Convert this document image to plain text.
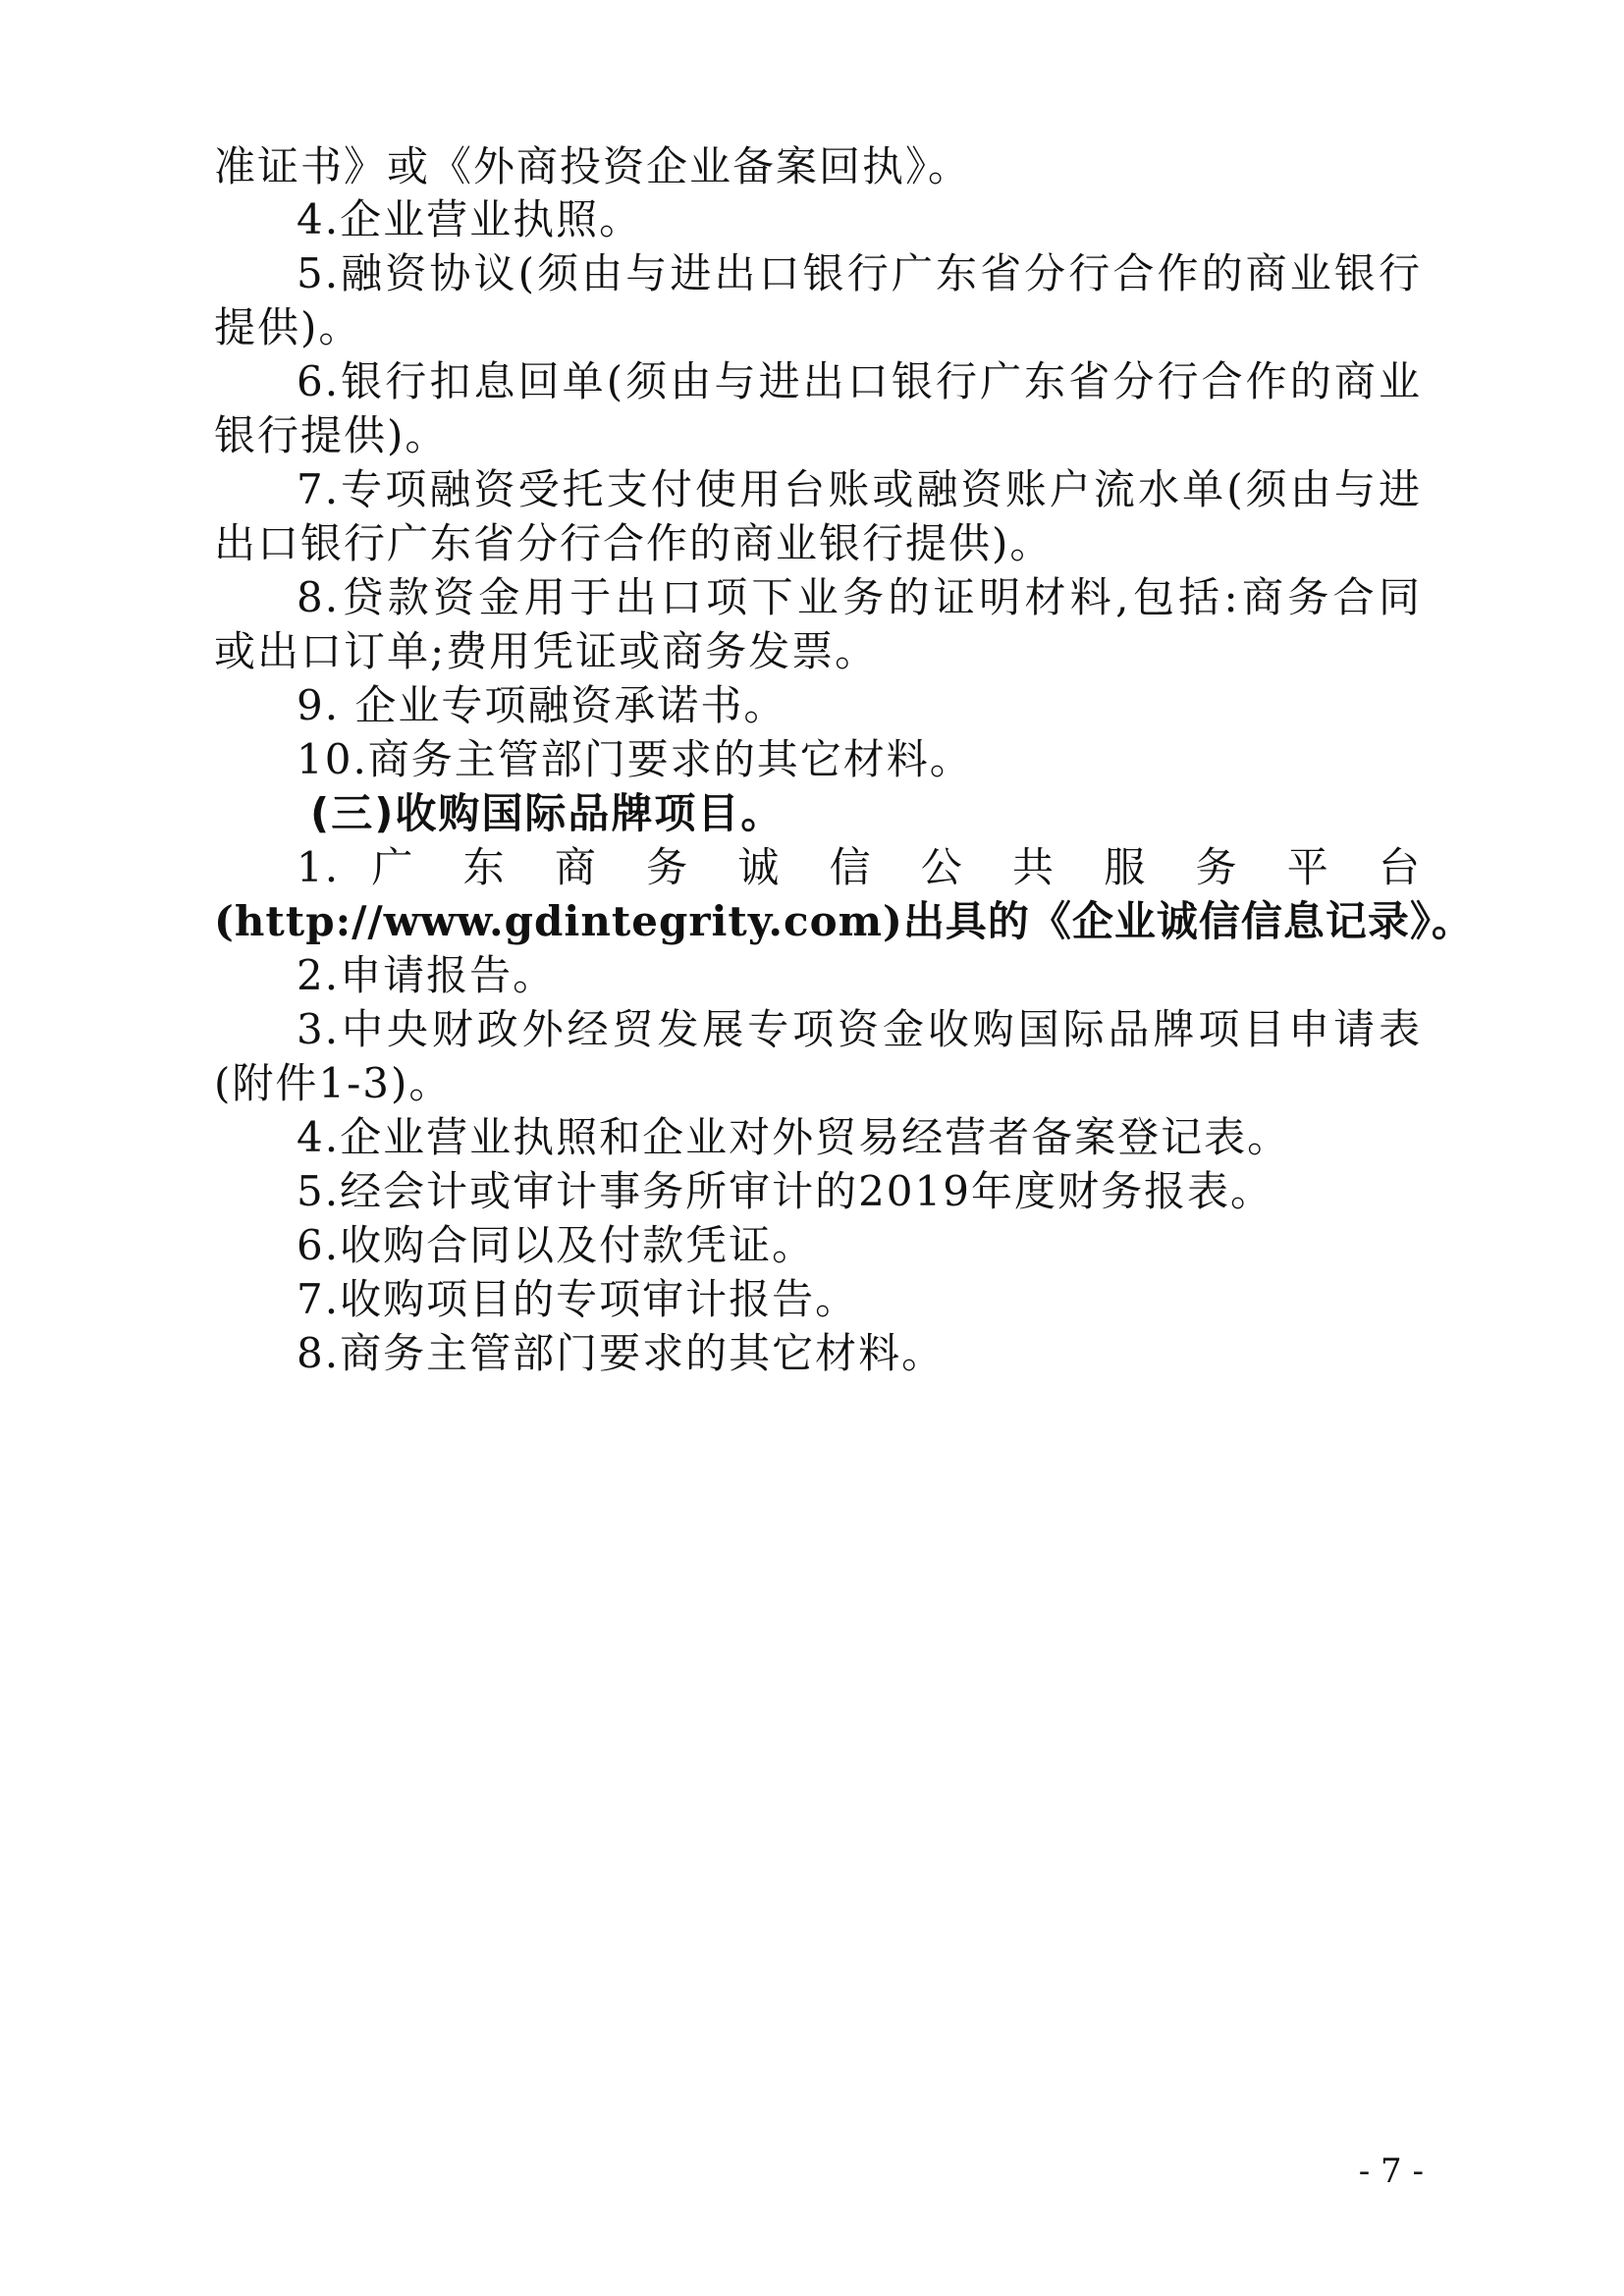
准证书》或《外商投资企业备案回执》。
4.企业营业执照。
5.融资协议(须由与进出口银行广东省分行合作的商业银行
提供)。
6.银行扣息回单(须由与进出口银行广东省分行合作的商业
银行提供)。
7.专项融资受托支付使用台账或融资账户流水单(须由与进
出口银行广东省分行合作的商业银行提供)。
8.贷款资金用于出口项下业务的证明材料,包括:商务合同
或出口订单;费用凭证或商务发票。
9. 企业专项融资承诺书。
10.商务主管部门要求的其它材料。
(三)收购国际品牌项目。
1. 广 东 商 务 诚 信 公 共 服 务 平 台
(http://www.gdintegrity.com)出具的《企业诚信信息记录》。
2.申请报告。
3.中央财政外经贸发展专项资金收购国际品牌项目申请表
(附件1-3)。
4.企业营业执照和企业对外贸易经营者备案登记表。
5.经会计或审计事务所审计的2019年度财务报表。
6.收购合同以及付款凭证。
7.收购项目的专项审计报告。
8.商务主管部门要求的其它材料。
- 7 -
